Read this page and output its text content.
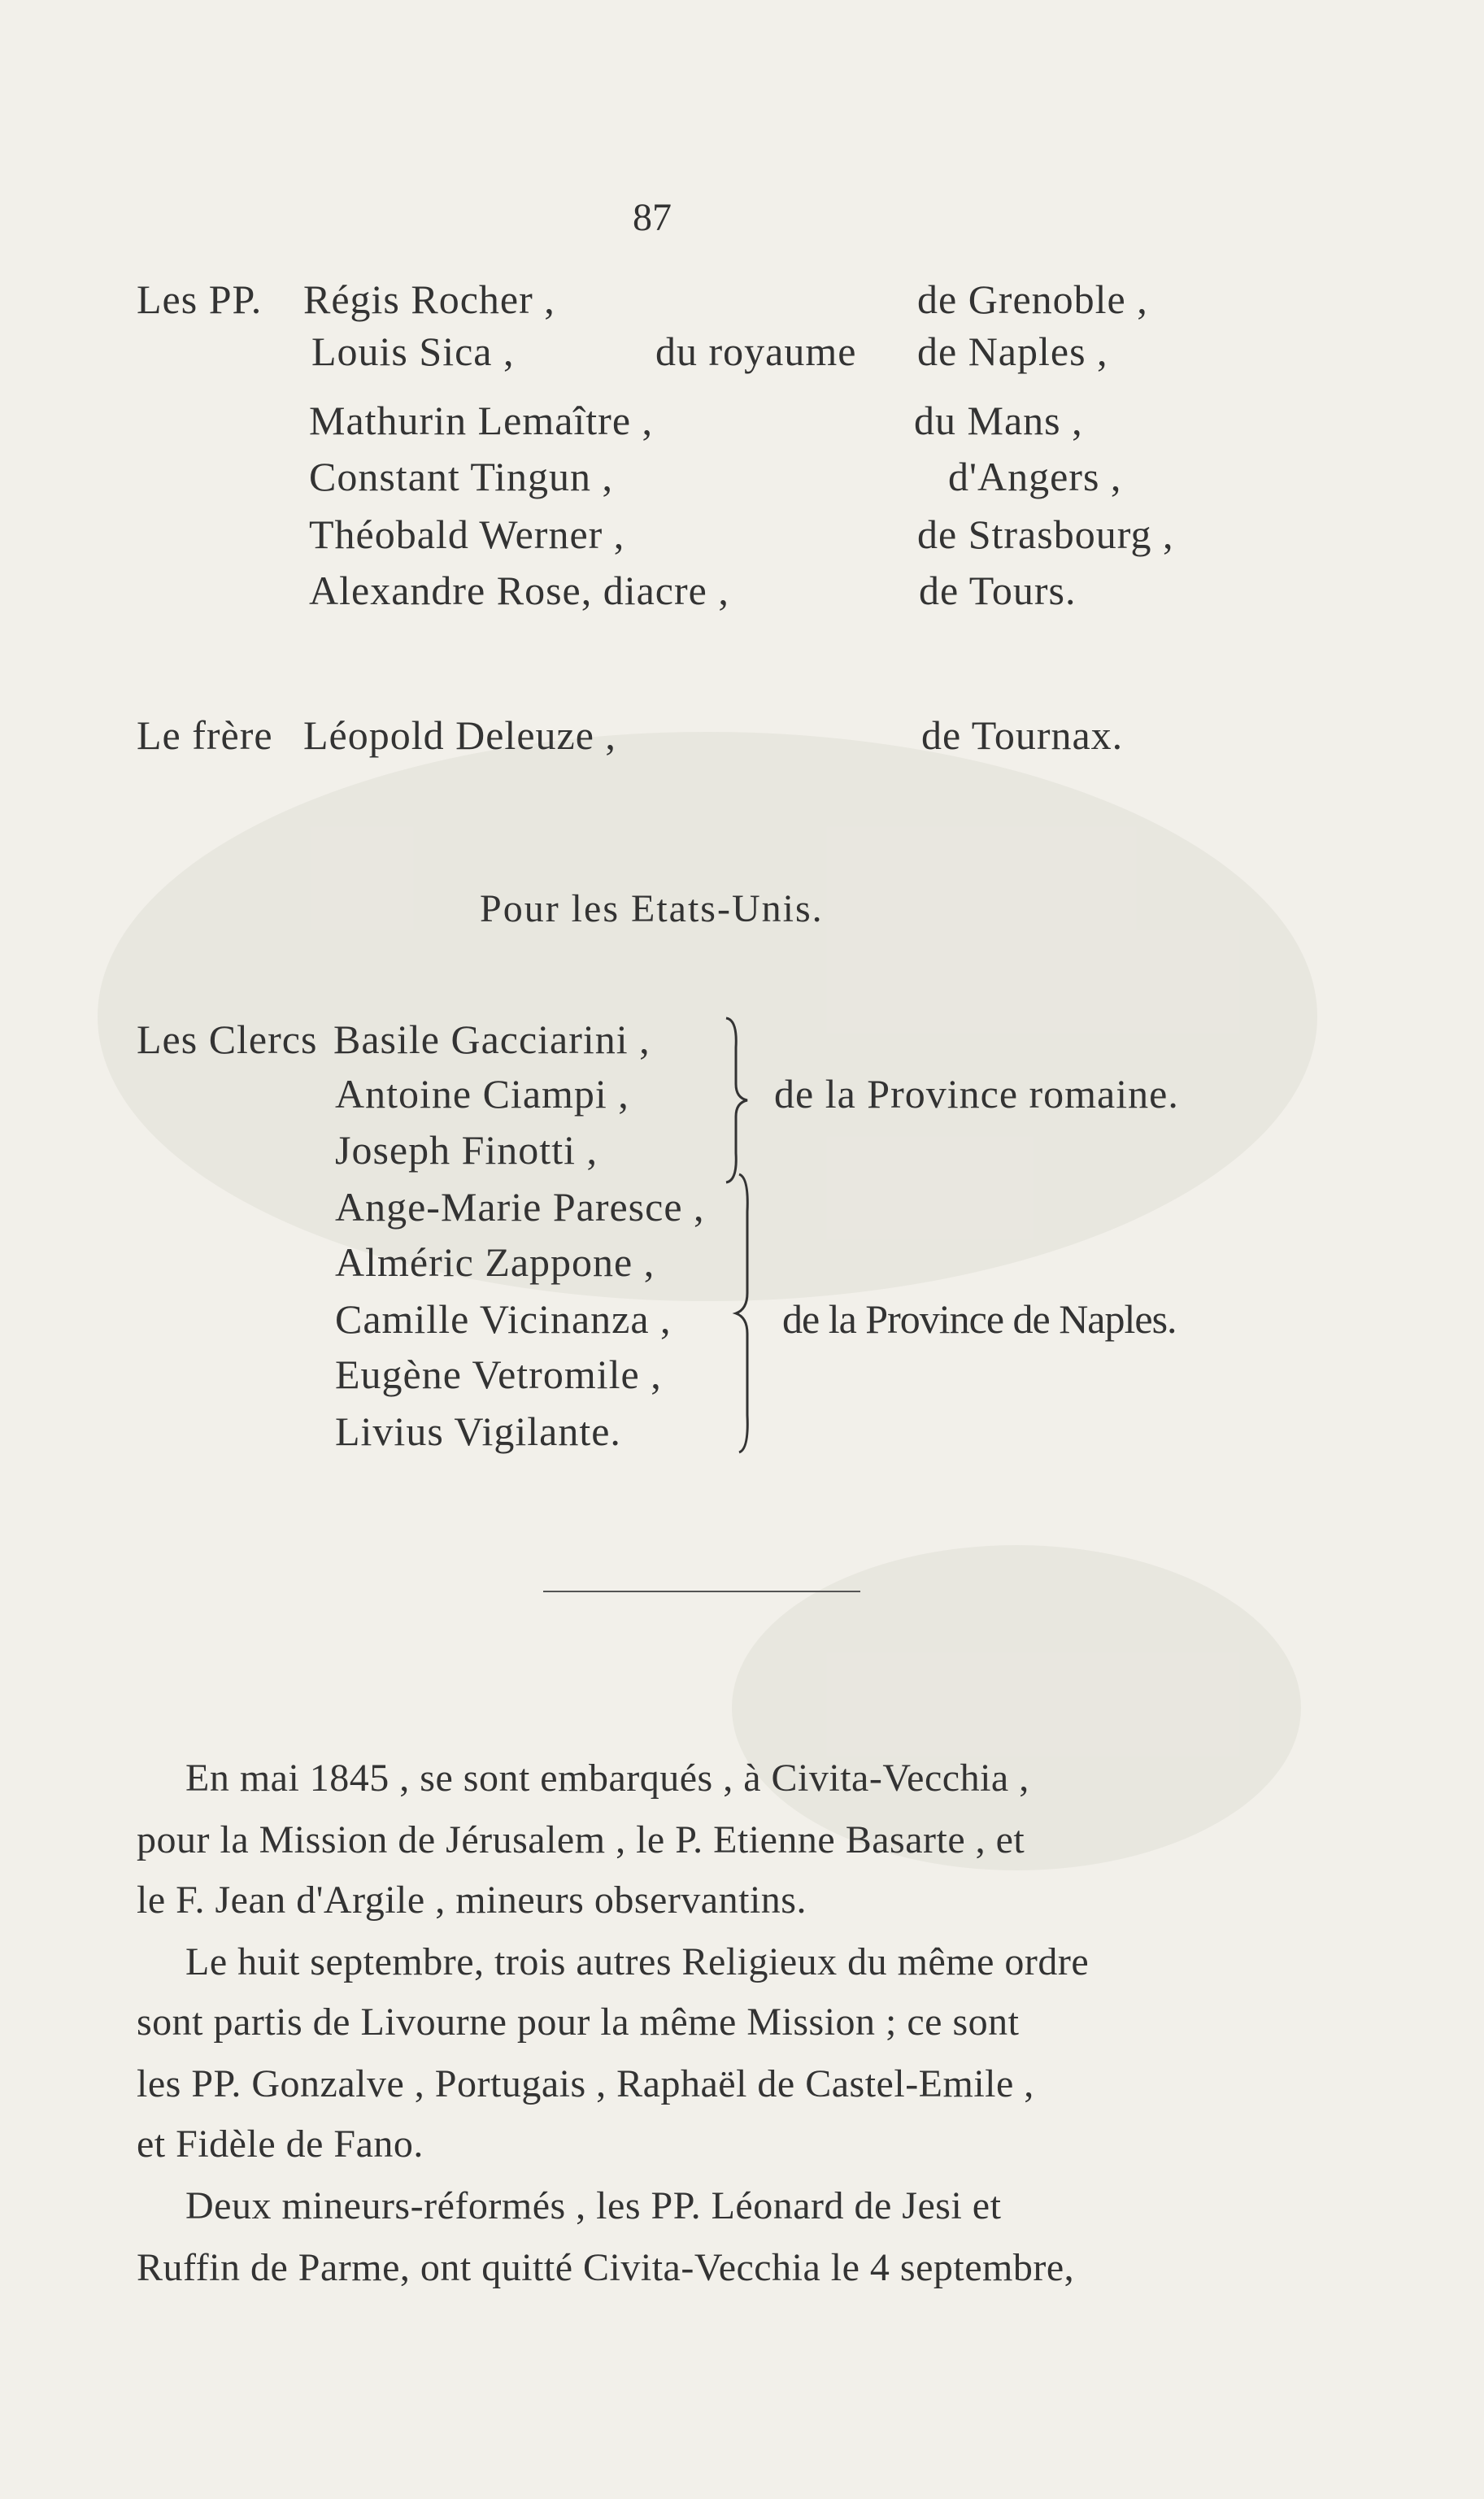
87
Les PP. Régis Rocher ,	de Grenoble ,
Louis Sica ,	du royaume de Naples ,
Mathurin Lemaître ,	du Mans ,
Constant Tingun ,	d'Angers ,
Théobald Werner ,	de Strasbourg ,
Alexandre Rose, diacre ,	de Tours.
Le frère Léopold Deleuze ,	de Tournax.
Pour les Etats-Unis.
Les Clercs Basile Gacciarini ,
Antoine Ciampi ,
Joseph Finotti ,
de la Province romaine.
Ange-Marie Paresce ,
Alméric Zappone ,
Camille Vicinanza ,
Eugène Vetromile ,
Livius Vigilante.
de la Province de Naples.
En mai 1845 , se sont embarqués , à Civita-Vecchia ,
pour la Mission de Jérusalem , le P. Etienne Basarte , et
le F. Jean d'Argile , mineurs observantins.
Le huit septembre, trois autres Religieux du même ordre
sont partis de Livourne pour la même Mission ; ce sont
les PP. Gonzalve , Portugais , Raphaël de Castel-Emile ,
et Fidèle de Fano.
Deux mineurs-réformés , les PP. Léonard de Jesi et
Ruffin de Parme, ont quitté Civita-Vecchia le 4 septembre,
